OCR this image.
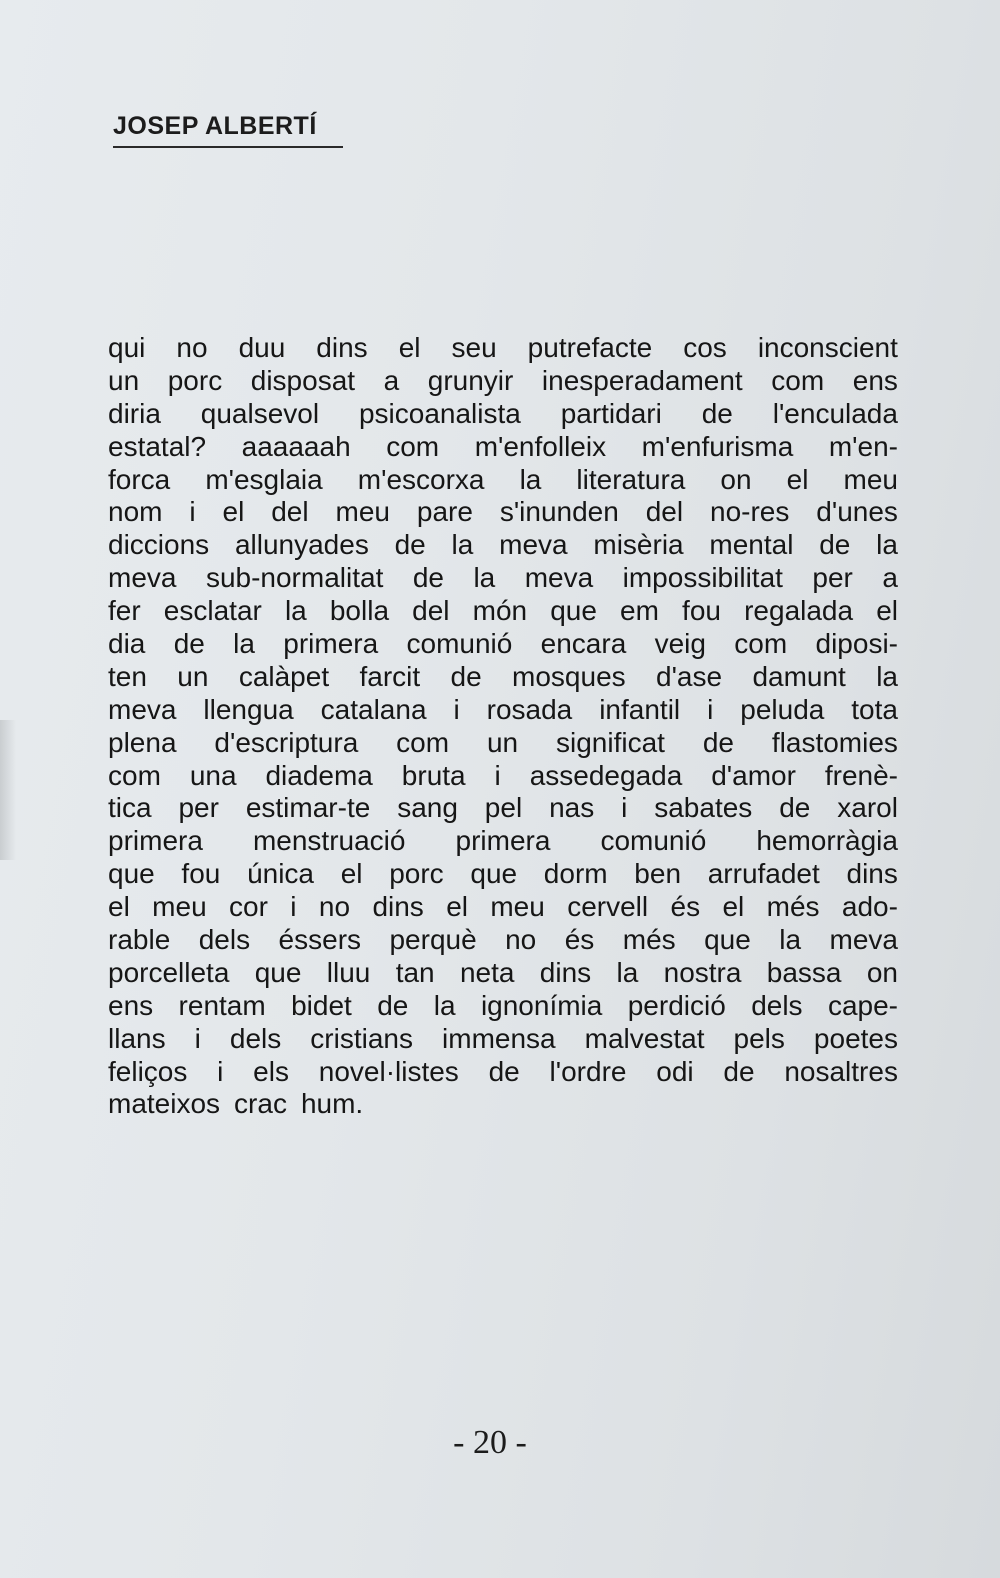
JOSEP ALBERTÍ
qui no duu dins el seu putrefacte cos inconscient
un porc disposat a grunyir inesperadament com ens
diria qualsevol psicoanalista partidari de l'enculada
estatal? aaaaaah com m'enfolleix m'enfurisma m'en-
forca m'esglaia m'escorxa la literatura on el meu
nom i el del meu pare s'inunden del no-res d'unes
diccions allunyades de la meva misèria mental de la
meva sub-normalitat de la meva impossibilitat per a
fer esclatar la bolla del món que em fou regalada el
dia de la primera comunió encara veig com diposi-
ten un calàpet farcit de mosques d'ase damunt la
meva llengua catalana i rosada infantil i peluda tota
plena d'escriptura com un significat de flastomies
com una diadema bruta i assedegada d'amor frenè-
tica per estimar-te sang pel nas i sabates de xarol
primera menstruació primera comunió hemorràgia
que fou única el porc que dorm ben arrufadet dins
el meu cor i no dins el meu cervell és el més ado-
rable dels éssers perquè no és més que la meva
porcelleta que lluu tan neta dins la nostra bassa on
ens rentam bidet de la ignonímia perdició dels cape-
llans i dels cristians immensa malvestat pels poetes
feliços i els novel·listes de l'ordre odi de nosaltres
mateixos crac hum.

- 20 -
